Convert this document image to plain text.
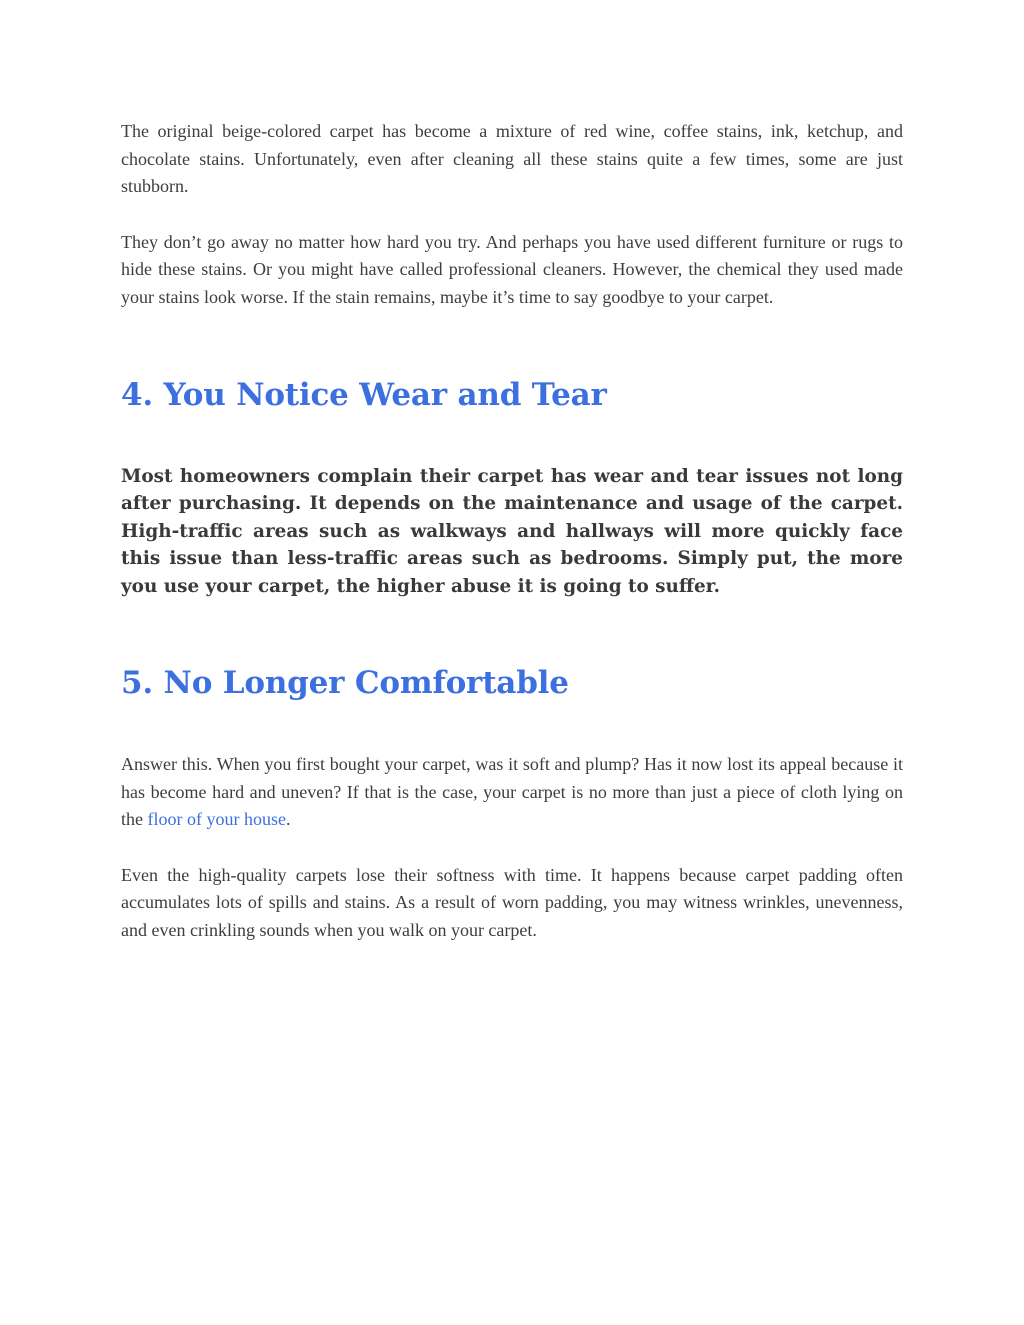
The original beige-colored carpet has become a mixture of red wine, coffee stains, ink, ketchup, and chocolate stains. Unfortunately, even after cleaning all these stains quite a few times, some are just stubborn.

They don’t go away no matter how hard you try. And perhaps you have used different furniture or rugs to hide these stains. Or you might have called professional cleaners. However, the chemical they used made your stains look worse. If the stain remains, maybe it’s time to say goodbye to your carpet.

4. You Notice Wear and Tear

Most homeowners complain their carpet has wear and tear issues not long after purchasing. It depends on the maintenance and usage of the carpet. High-traffic areas such as walkways and hallways will more quickly face this issue than less-traffic areas such as bedrooms. Simply put, the more you use your carpet, the higher abuse it is going to suffer.

5. No Longer Comfortable

Answer this. When you first bought your carpet, was it soft and plump? Has it now lost its appeal because it has become hard and uneven? If that is the case, your carpet is no more than just a piece of cloth lying on the floor of your house.

Even the high-quality carpets lose their softness with time. It happens because carpet padding often accumulates lots of spills and stains. As a result of worn padding, you may witness wrinkles, unevenness, and even crinkling sounds when you walk on your carpet.
